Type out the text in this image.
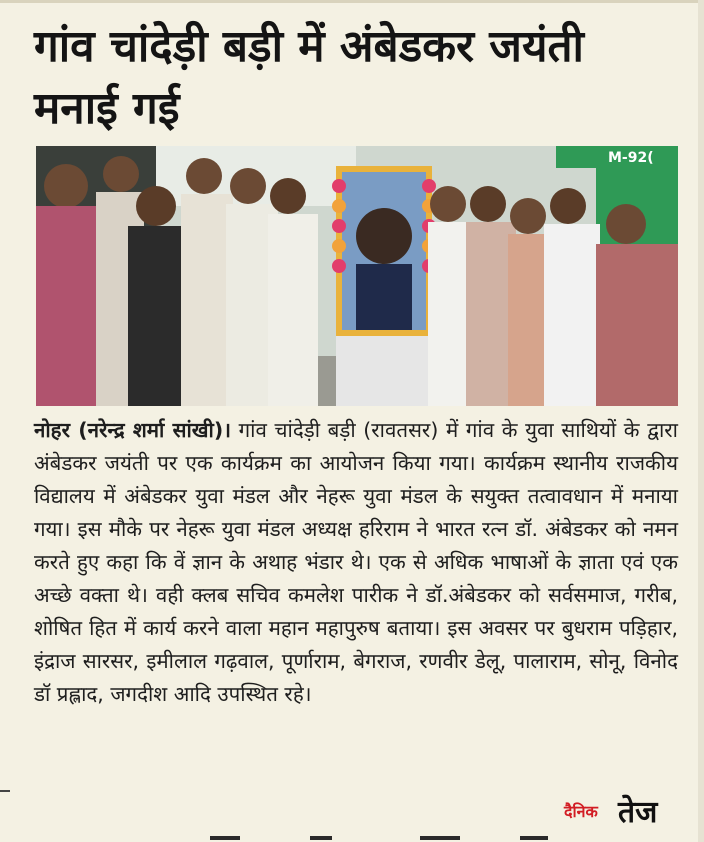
गांव चांदेड़ी बड़ी में अंबेडकर जयंती
मनाई गई
M-92(
नोहर (नरेन्द्र शर्मा सांखी)। गांव चांदेड़ी बड़ी (रावतसर) में गांव के युवा साथियों के द्वारा अंबेडकर जयंती पर एक कार्यक्रम का आयोजन किया गया। कार्यक्रम स्थानीय राजकीय विद्यालय में अंबेडकर युवा मंडल और नेहरू युवा मंडल के सयुक्त तत्वावधान में मनाया गया। इस मौके पर नेहरू युवा मंडल अध्यक्ष हरिराम ने भारत रत्न डॉ. अंबेडकर को नमन करते हुए कहा कि वें ज्ञान के अथाह भंडार थे। एक से अधिक भाषाओं के ज्ञाता एवं एक अच्छे वक्ता थे। वही क्लब सचिव कमलेश पारीक ने डॉ.अंबेडकर को सर्वसमाज, गरीब, शोषित हित में कार्य करने वाला महान महापुरुष बताया। इस अवसर पर बुधराम पड़िहार, इंद्राज सारसर, इमीलाल गढ़वाल, पूर्णाराम, बेगराज, रणवीर डेलू, पालाराम, सोनू, विनोद डॉ प्रह्लाद, जगदीश आदि उपस्थित रहे।
दैनिक तेज
